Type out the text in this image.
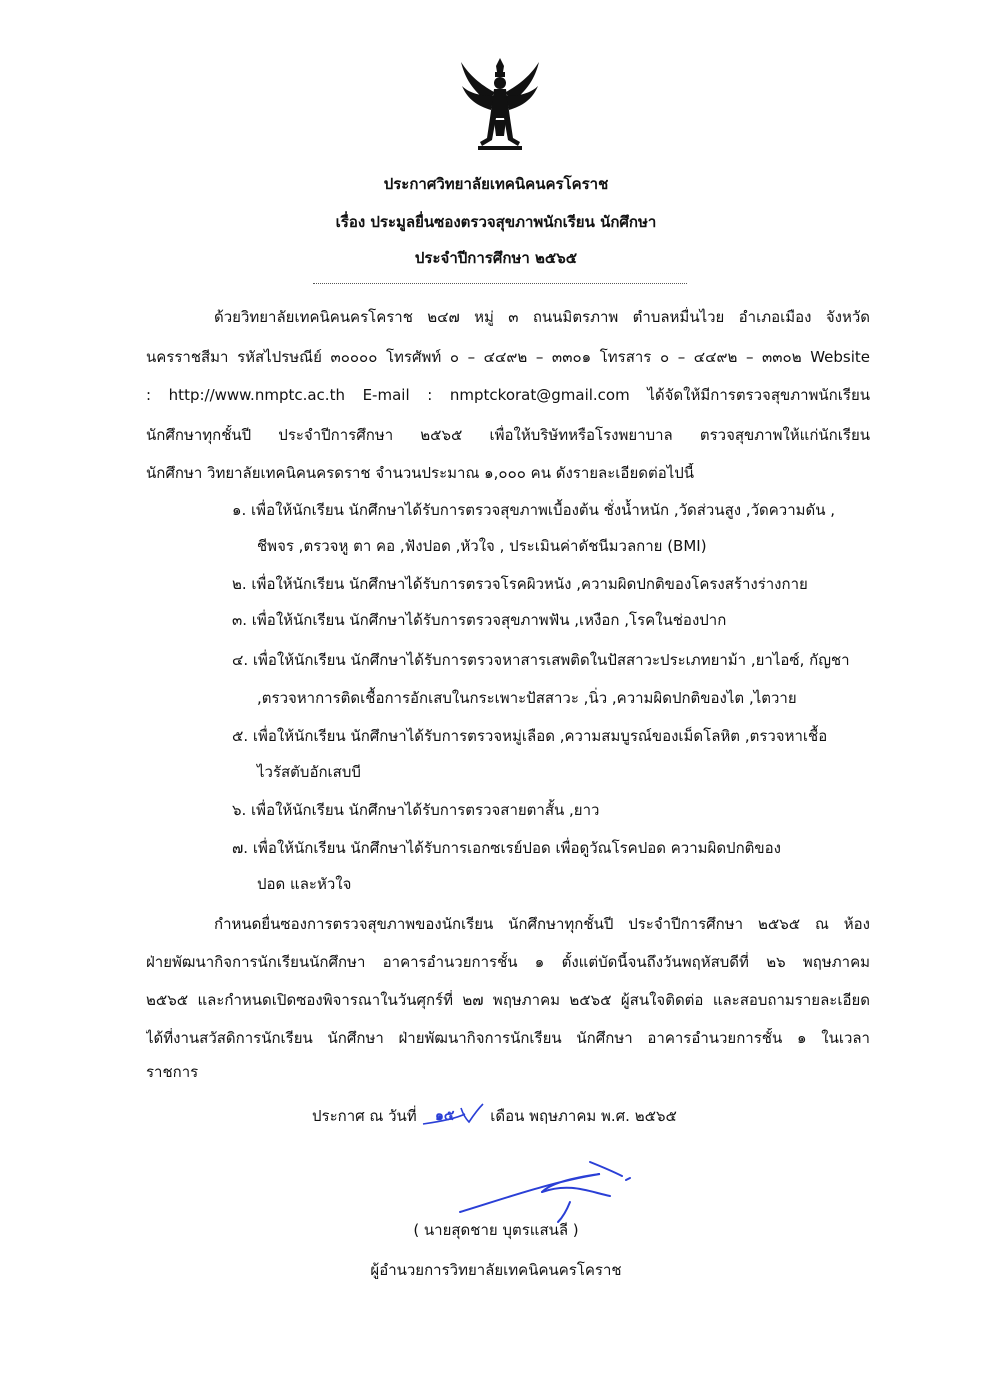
ประกาศวิทยาลัยเทคนิคนครโคราช
เรื่อง ประมูลยื่นซองตรวจสุขภาพนักเรียน นักศึกษา
ประจำปีการศึกษา ๒๕๖๕
ด้วยวิทยาลัยเทคนิคนครโคราช ๒๔๗ หมู่ ๓ ถนนมิตรภาพ ตำบลหมื่นไวย อำเภอเมือง จังหวัด
นครราชสีมา รหัสไปรษณีย์ ๓๐๐๐๐ โทรศัพท์ ๐ – ๔๔๙๒ – ๓๓๐๑ โทรสาร ๐ – ๔๔๙๒ – ๓๓๐๒ Website
: http://www.nmptc.ac.th E-mail : nmptckorat@gmail.com ได้จัดให้มีการตรวจสุขภาพนักเรียน
นักศึกษาทุกชั้นปี ประจำปีการศึกษา ๒๕๖๕ เพื่อให้บริษัทหรือโรงพยาบาล ตรวจสุขภาพให้แก่นักเรียน
นักศึกษา วิทยาลัยเทคนิคนครดราช จำนวนประมาณ ๑,๐๐๐ คน ดังรายละเอียดต่อไปนี้
๑. เพื่อให้นักเรียน นักศึกษาได้รับการตรวจสุขภาพเบื้องต้น ชั่งน้ำหนัก ,วัดส่วนสูง ,วัดความดัน ,
ชีพจร ,ตรวจหู ตา คอ ,ฟังปอด ,หัวใจ , ประเมินค่าดัชนีมวลกาย (BMI)
๒. เพื่อให้นักเรียน นักศึกษาได้รับการตรวจโรคผิวหนัง ,ความผิดปกติของโครงสร้างร่างกาย
๓. เพื่อให้นักเรียน นักศึกษาได้รับการตรวจสุขภาพฟัน ,เหงือก ,โรคในช่องปาก
๔. เพื่อให้นักเรียน นักศึกษาได้รับการตรวจหาสารเสพติดในปัสสาวะประเภทยาม้า ,ยาไอซ์, กัญชา
,ตรวจหาการติดเชื้อการอักเสบในกระเพาะปัสสาวะ ,นิ่ว ,ความผิดปกติของไต ,ไตวาย
๕. เพื่อให้นักเรียน นักศึกษาได้รับการตรวจหมู่เลือด ,ความสมบูรณ์ของเม็ดโลหิต ,ตรวจหาเชื้อ
ไวรัสตับอักเสบบี
๖. เพื่อให้นักเรียน นักศึกษาได้รับการตรวจสายตาสั้น ,ยาว
๗. เพื่อให้นักเรียน นักศึกษาได้รับการเอกซเรย์ปอด เพื่อดูวัณโรคปอด ความผิดปกติของ
ปอด และหัวใจ
กำหนดยื่นซองการตรวจสุขภาพของนักเรียน นักศึกษาทุกชั้นปี ประจำปีการศึกษา ๒๕๖๕ ณ ห้อง
ฝ่ายพัฒนากิจการนักเรียนนักศึกษา อาคารอำนวยการชั้น ๑ ตั้งแต่บัดนี้จนถึงวันพฤหัสบดีที่ ๒๖ พฤษภาคม
๒๕๖๕ และกำหนดเปิดซองพิจารณาในวันศุกร์ที่ ๒๗ พฤษภาคม ๒๕๖๕ ผู้สนใจติดต่อ และสอบถามรายละเอียด
ได้ที่งานสวัสดิการนักเรียน นักศึกษา ฝ่ายพัฒนากิจการนักเรียน นักศึกษา อาคารอำนวยการชั้น ๑ ในเวลา
ราชการ
ประกาศ ณ วันที่ ๑๕ เดือน พฤษภาคม พ.ศ. ๒๕๖๕
( นายสุดชาย บุตรแสนลี )
ผู้อำนวยการวิทยาลัยเทคนิคนครโคราช
